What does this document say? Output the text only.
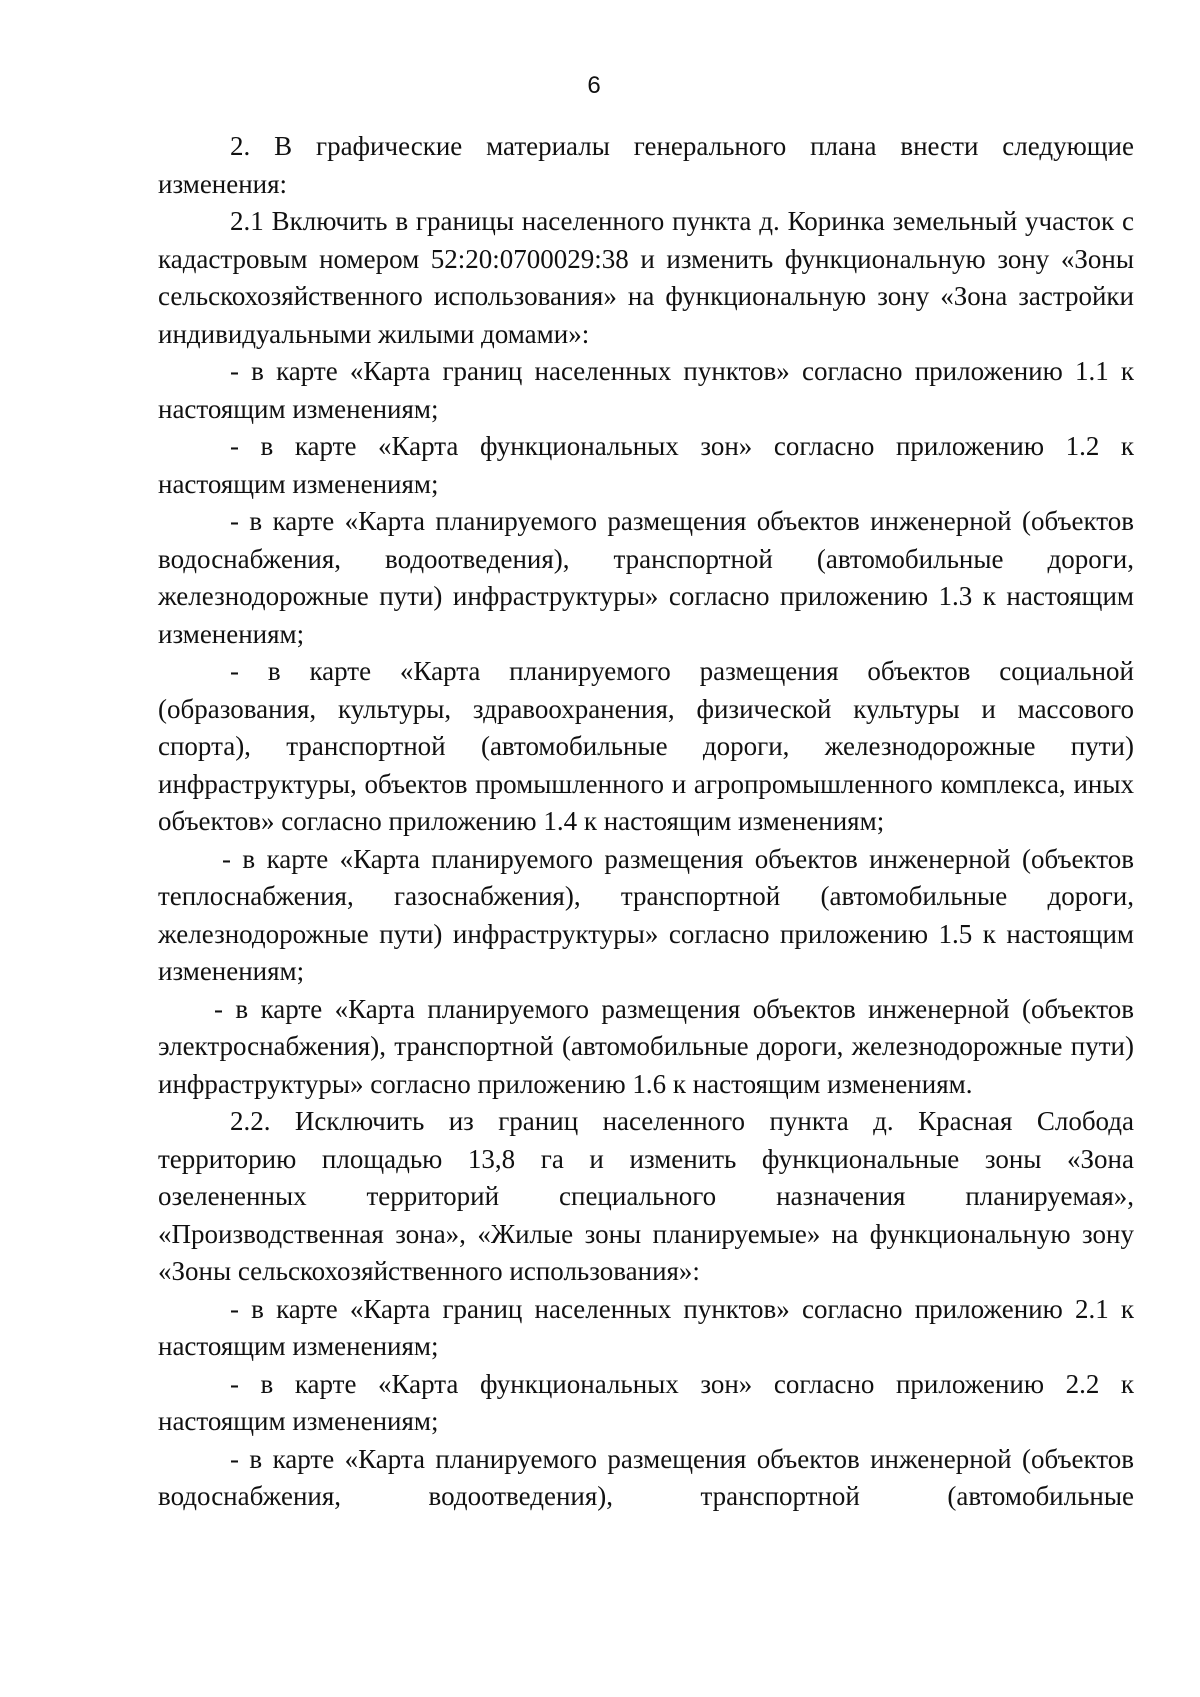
6

2. В графические материалы генерального плана внести следующие изменения:

2.1 Включить в границы населенного пункта д. Коринка земельный участок с кадастровым номером 52:20:0700029:38 и изменить функциональную зону «Зоны сельскохозяйственного использования» на функциональную зону «Зона застройки индивидуальными жилыми домами»:

- в карте «Карта границ населенных пунктов» согласно приложению 1.1 к настоящим изменениям;

- в карте «Карта функциональных зон» согласно приложению 1.2 к настоящим изменениям;

- в карте «Карта планируемого размещения объектов инженерной (объектов водоснабжения, водоотведения), транспортной (автомобильные дороги, железнодорожные пути) инфраструктуры» согласно приложению 1.3 к настоящим изменениям;

- в карте «Карта планируемого размещения объектов социальной (образования, культуры, здравоохранения, физической культуры и массового спорта), транспортной (автомобильные дороги, железнодорожные пути) инфраструктуры, объектов промышленного и агропромышленного комплекса, иных объектов» согласно приложению 1.4 к настоящим изменениям;

- в карте «Карта планируемого размещения объектов инженерной (объектов теплоснабжения, газоснабжения), транспортной (автомобильные дороги, железнодорожные пути) инфраструктуры» согласно приложению 1.5 к настоящим изменениям;

- в карте «Карта планируемого размещения объектов инженерной (объектов электроснабжения), транспортной (автомобильные дороги, железнодорожные пути) инфраструктуры» согласно приложению 1.6 к настоящим изменениям.

2.2. Исключить из границ населенного пункта д. Красная Слобода территорию площадью 13,8 га и изменить функциональные зоны «Зона озелененных территорий специального назначения планируемая», «Производственная зона», «Жилые зоны планируемые» на функциональную зону «Зоны сельскохозяйственного использования»:

- в карте «Карта границ населенных пунктов» согласно приложению 2.1 к настоящим изменениям;

- в карте «Карта функциональных зон» согласно приложению 2.2 к настоящим изменениям;

- в карте «Карта планируемого размещения объектов инженерной (объектов водоснабжения, водоотведения), транспортной (автомобильные
